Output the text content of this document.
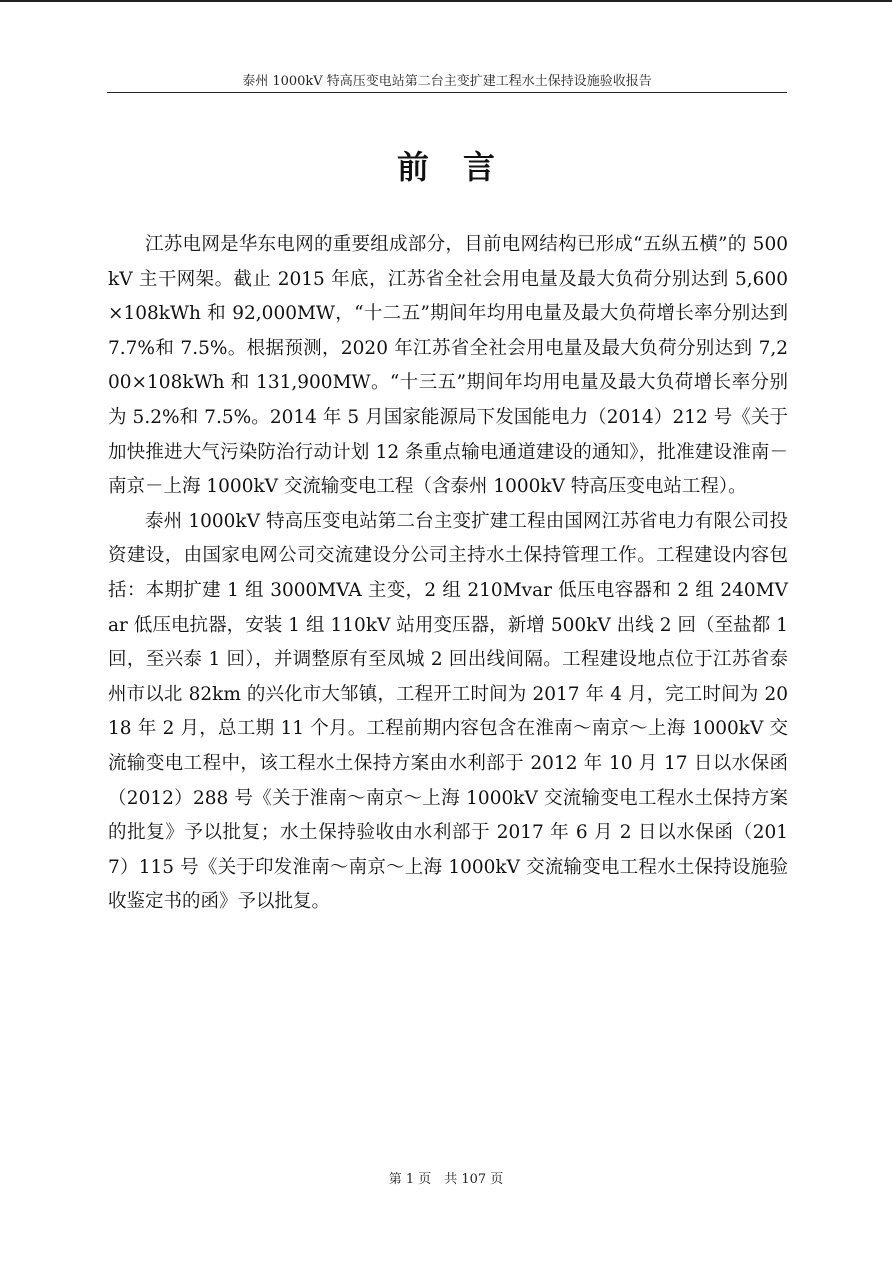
泰州 1000kV 特高压变电站第二台主变扩建工程水土保持设施验收报告
前言

江苏电网是华东电网的重要组成部分，目前电网结构已形成“五纵五横”的 500kV 主干网架。截止 2015 年底，江苏省全社会用电量及最大负荷分别达到 5,600×108kWh 和 92,000MW，“十二五”期间年均用电量及最大负荷增长率分别达到 7.7%和 7.5%。根据预测，2020 年江苏省全社会用电量及最大负荷分别达到 7,200×108kWh 和 131,900MW。“十三五”期间年均用电量及最大负荷增长率分别为 5.2%和 7.5%。2014 年 5 月国家能源局下发国能电力（2014）212 号《关于加快推进大气污染防治行动计划 12 条重点输电通道建设的通知》，批准建设淮南－南京－上海 1000kV 交流输变电工程（含泰州 1000kV 特高压变电站工程）。

泰州 1000kV 特高压变电站第二台主变扩建工程由国网江苏省电力有限公司投资建设，由国家电网公司交流建设分公司主持水土保持管理工作。工程建设内容包括：本期扩建 1 组 3000MVA 主变，2 组 210Mvar 低压电容器和 2 组 240MVar 低压电抗器，安装 1 组 110kV 站用变压器，新增 500kV 出线 2 回（至盐都 1 回，至兴泰 1 回），并调整原有至凤城 2 回出线间隔。工程建设地点位于江苏省泰州市以北 82km 的兴化市大邹镇，工程开工时间为 2017 年 4 月，完工时间为 2018 年 2 月，总工期 11 个月。工程前期内容包含在淮南～南京～上海 1000kV 交流输变电工程中，该工程水土保持方案由水利部于 2012 年 10 月 17 日以水保函（2012）288 号《关于淮南～南京～上海 1000kV 交流输变电工程水土保持方案的批复》予以批复；水土保持验收由水利部于 2017 年 6 月 2 日以水保函（2017）115 号《关于印发淮南～南京～上海 1000kV 交流输变电工程水土保持设施验收鉴定书的函》予以批复。

第 1 页　共 107 页
